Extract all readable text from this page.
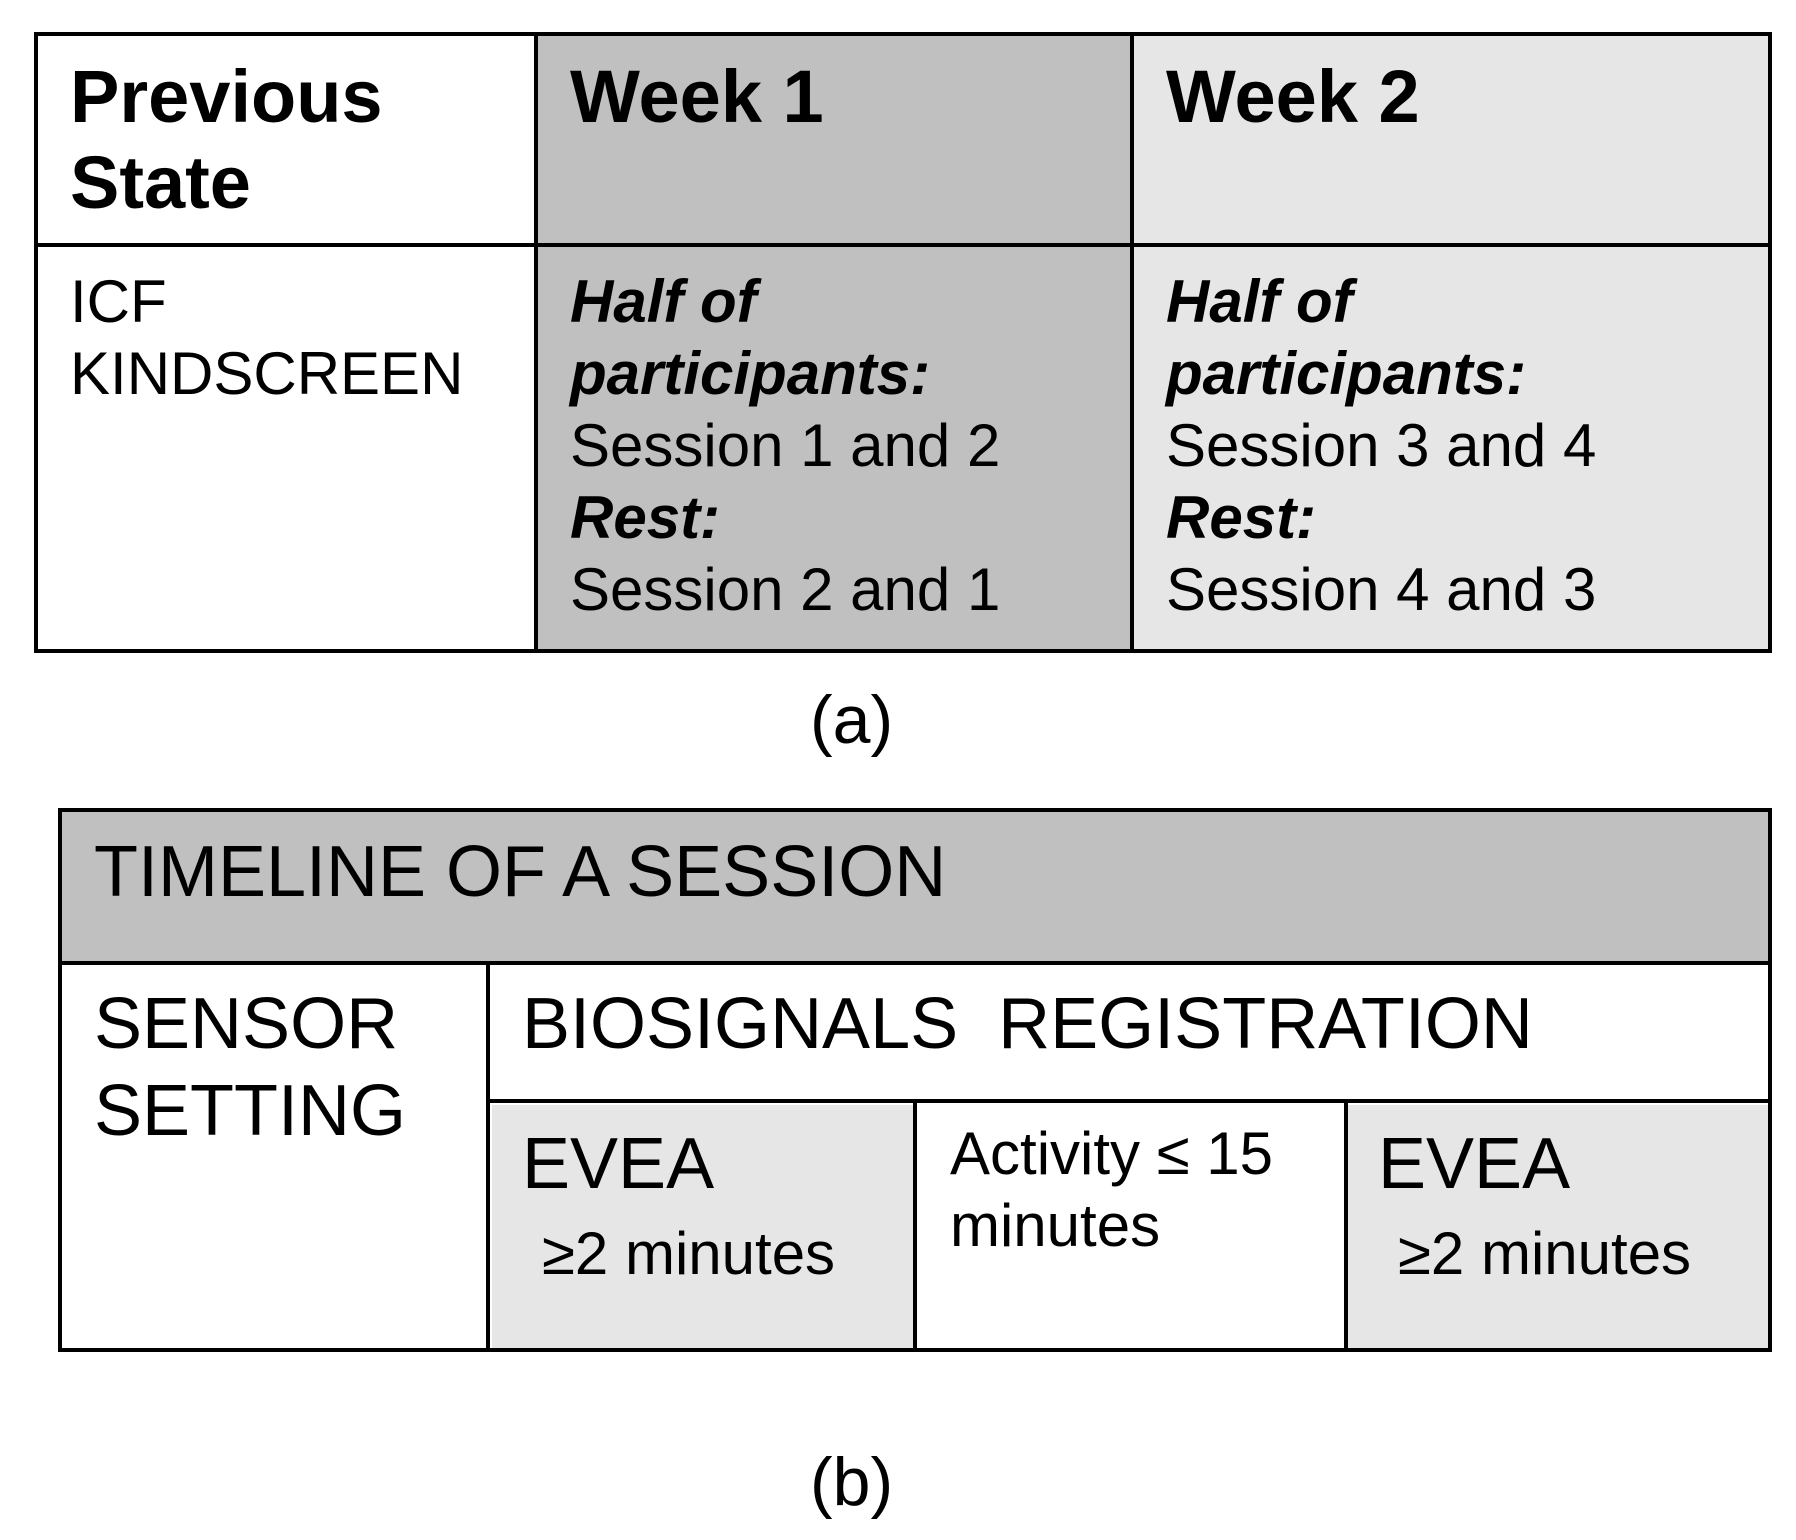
Previous
State
Week 1	Week 2
ICF
KINDSCREEN
Half of
participants:
Session 1 and 2
Rest:
Session 2 and 1
Half of
participants:
Session 3 and 4
Rest:
Session 4 and 3
(a)
TIMELINE OF A SESSION
SENSOR
SETTING
BIOSIGNALS  REGISTRATION
EVEA
≥2 minutes
Activity ≤ 15
minutes
EVEA
≥2 minutes
(b)
